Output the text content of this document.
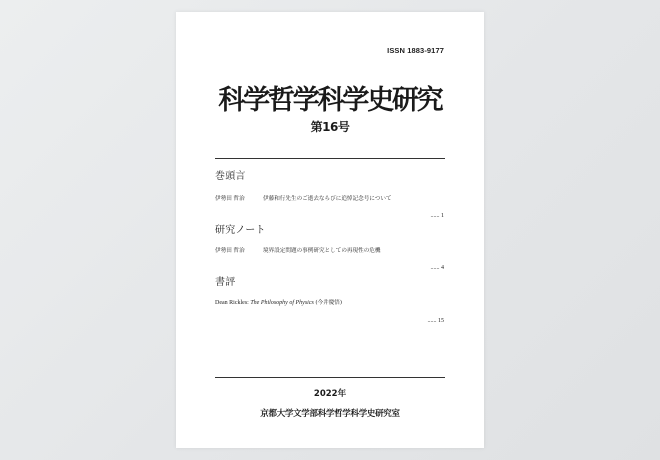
ISSN 1883-9177
科学哲学科学史研究
第16号
巻頭言
伊勢田 哲治	伊藤和行先生のご逝去ならびに追悼記念号について
...... 1
研究ノート
伊勢田 哲治	境界設定問題の事例研究としての再現性の危機
...... 4
書評
Dean Rickles: The Philosophy of Physics (今井慶悟)
...... 15
2022年
京都大学文学部科学哲学科学史研究室
